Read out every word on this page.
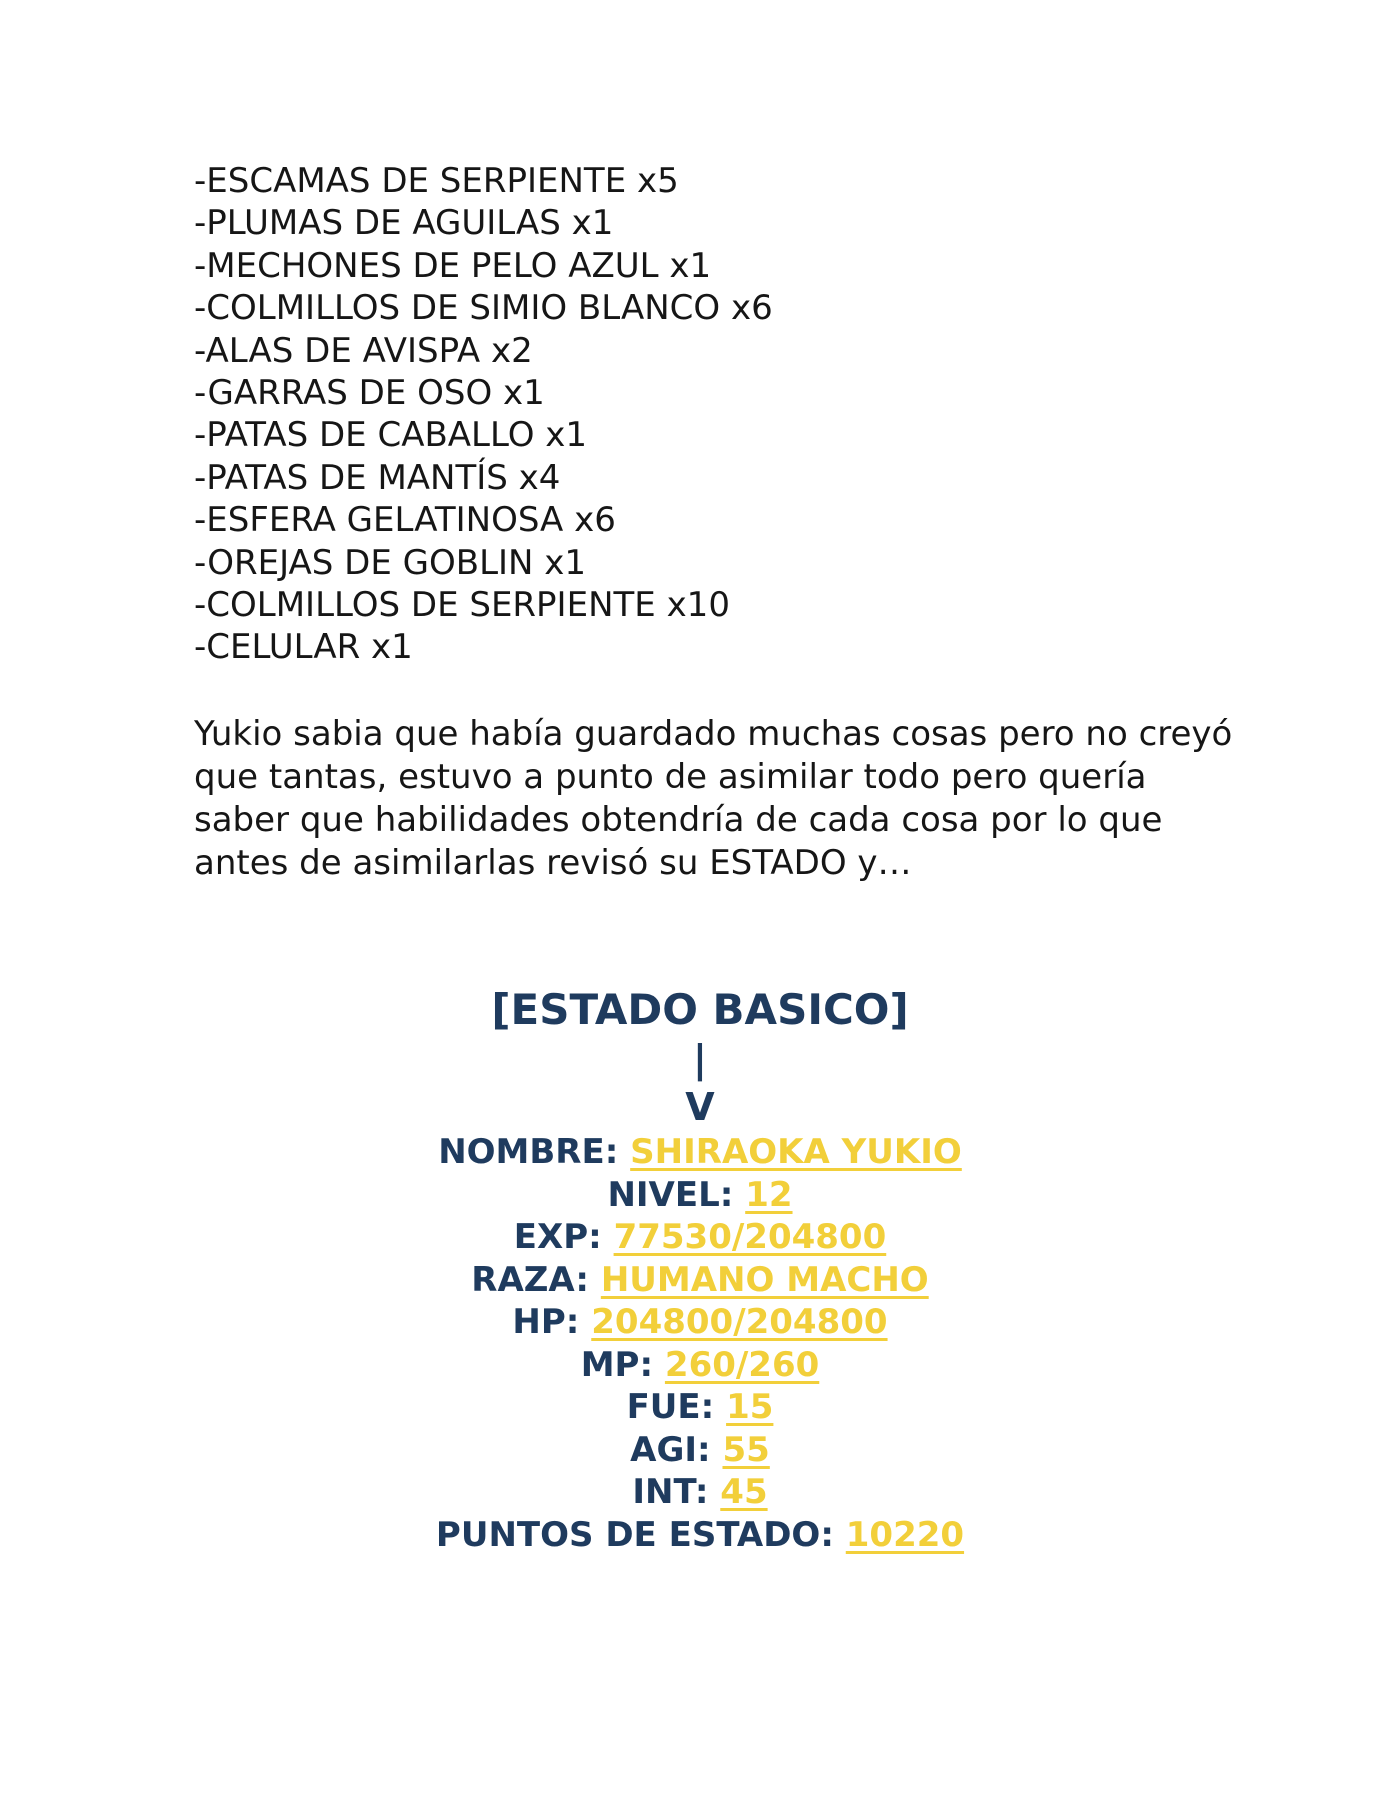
-ESCAMAS DE SERPIENTE x5
-PLUMAS DE AGUILAS x1
-MECHONES DE PELO AZUL x1
-COLMILLOS DE SIMIO BLANCO x6
-ALAS DE AVISPA x2
-GARRAS DE OSO x1
-PATAS DE CABALLO x1
-PATAS DE MANTÍS x4
-ESFERA GELATINOSA x6
-OREJAS DE GOBLIN x1
-COLMILLOS DE SERPIENTE x10
-CELULAR x1

Yukio sabia que había guardado muchas cosas pero no creyó que tantas, estuvo a punto de asimilar todo pero quería saber que habilidades obtendría de cada cosa por lo que antes de asimilarlas revisó su ESTADO y…

[ESTADO BASICO]
|
V
NOMBRE: SHIRAOKA YUKIO
NIVEL: 12
EXP: 77530/204800
RAZA: HUMANO MACHO
HP: 204800/204800
MP: 260/260
FUE: 15
AGI: 55
INT: 45
PUNTOS DE ESTADO: 10220
